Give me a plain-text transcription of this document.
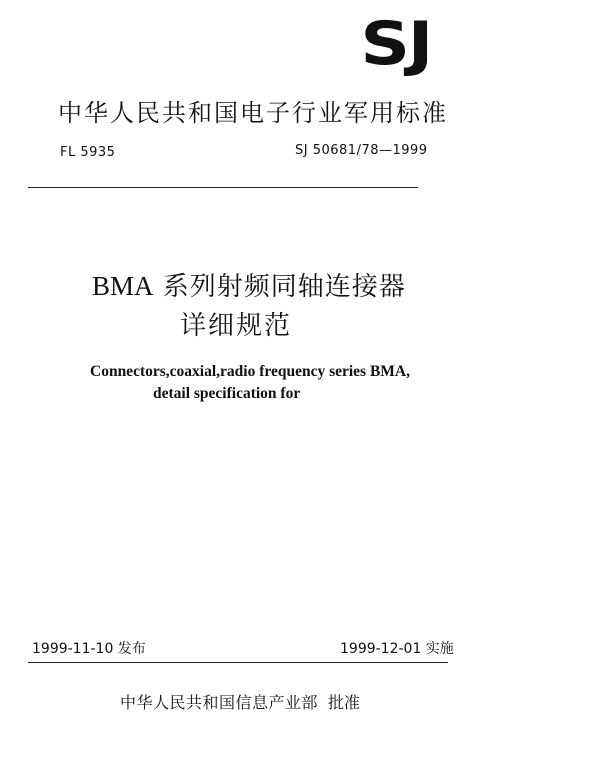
SJ
中华人民共和国电子行业军用标准
FL 5935	SJ 50681/78—1999
BMA 系列射频同轴连接器
详细规范
Connectors,coaxial,radio frequency series BMA,
detail specification for
1999-11-10 发布	1999-12-01 实施
中华人民共和国信息产业部 批准
